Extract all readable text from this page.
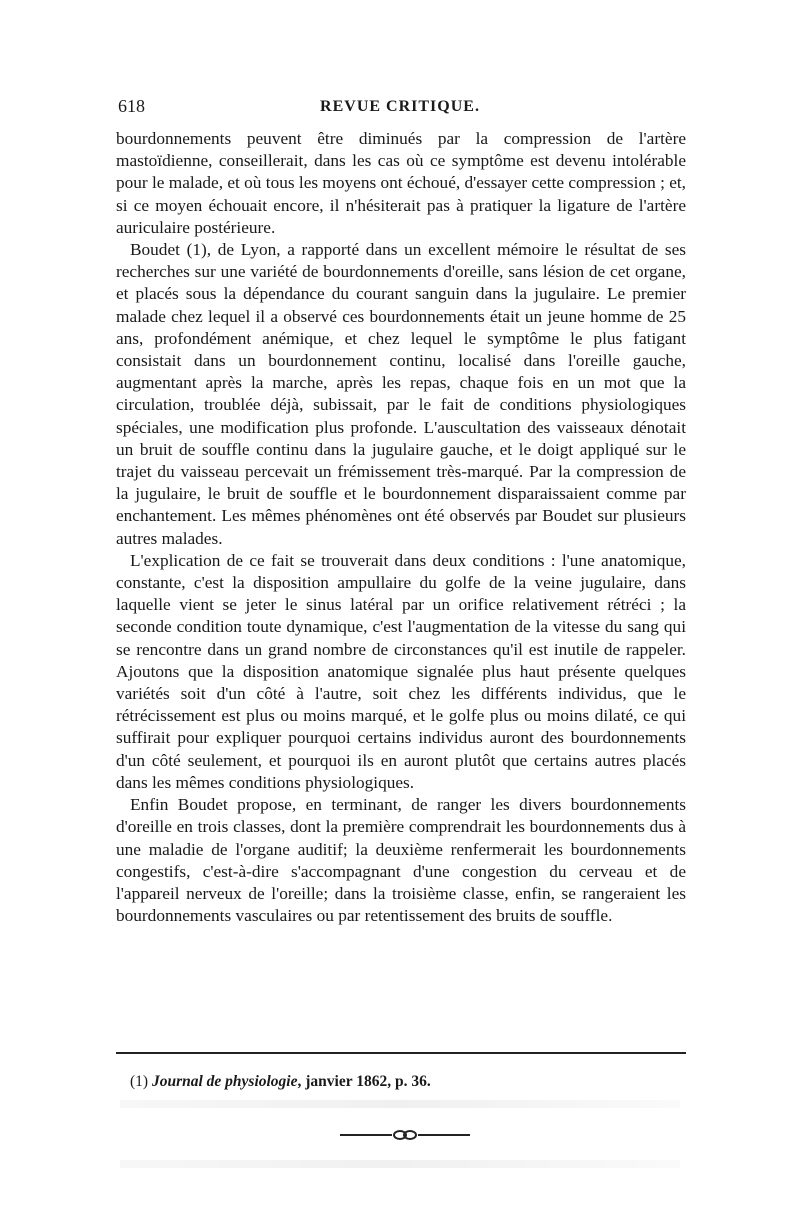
618	REVUE CRITIQUE.

bourdonnements peuvent être diminués par la compression de l'artère mastoïdienne, conseillerait, dans les cas où ce symptôme est devenu intolérable pour le malade, et où tous les moyens ont échoué, d'essayer cette compression ; et, si ce moyen échouait encore, il n'hésiterait pas à pratiquer la ligature de l'artère auriculaire postérieure.

Boudet (1), de Lyon, a rapporté dans un excellent mémoire le résultat de ses recherches sur une variété de bourdonnements d'oreille, sans lésion de cet organe, et placés sous la dépendance du courant sanguin dans la jugulaire. Le premier malade chez lequel il a observé ces bourdonnements était un jeune homme de 25 ans, profondément anémique, et chez lequel le symptôme le plus fatigant consistait dans un bourdonnement continu, localisé dans l'oreille gauche, augmentant après la marche, après les repas, chaque fois en un mot que la circulation, troublée déjà, subissait, par le fait de conditions physiologiques spéciales, une modification plus profonde. L'auscultation des vaisseaux dénotait un bruit de souffle continu dans la jugulaire gauche, et le doigt appliqué sur le trajet du vaisseau percevait un frémissement très-marqué. Par la compression de la jugulaire, le bruit de souffle et le bourdonnement disparaissaient comme par enchantement. Les mêmes phénomènes ont été observés par Boudet sur plusieurs autres malades.

L'explication de ce fait se trouverait dans deux conditions : l'une anatomique, constante, c'est la disposition ampullaire du golfe de la veine jugulaire, dans laquelle vient se jeter le sinus latéral par un orifice relativement rétréci ; la seconde condition toute dynamique, c'est l'augmentation de la vitesse du sang qui se rencontre dans un grand nombre de circonstances qu'il est inutile de rappeler. Ajoutons que la disposition anatomique signalée plus haut présente quelques variétés soit d'un côté à l'autre, soit chez les différents individus, que le rétrécissement est plus ou moins marqué, et le golfe plus ou moins dilaté, ce qui suffirait pour expliquer pourquoi certains individus auront des bourdonnements d'un côté seulement, et pourquoi ils en auront plutôt que certains autres placés dans les mêmes conditions physiologiques.

Enfin Boudet propose, en terminant, de ranger les divers bourdonnements d'oreille en trois classes, dont la première comprendrait les bourdonnements dus à une maladie de l'organe auditif; la deuxième renfermerait les bourdonnements congestifs, c'est-à-dire s'accompagnant d'une congestion du cerveau et de l'appareil nerveux de l'oreille; dans la troisième classe, enfin, se rangeraient les bourdonnements vasculaires ou par retentissement des bruits de souffle.

(1) Journal de physiologie, janvier 1862, p. 36.
